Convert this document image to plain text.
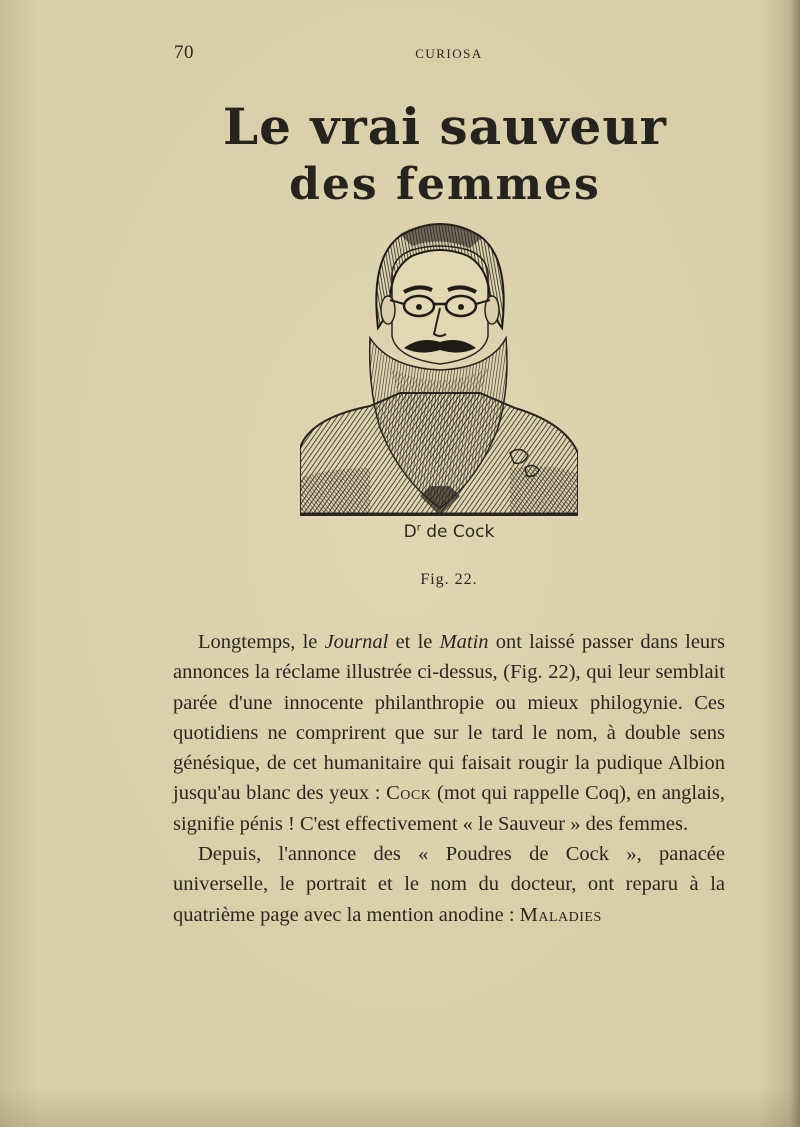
70	CURIOSA
Le vrai sauveur
des femmes
$D^r$ de Cock
Fig. 22.

Longtemps, le Journal et le Matin ont laissé passer dans leurs annonces la réclame illustrée ci-dessus, (Fig. 22), qui leur semblait parée d'une innocente philanthropie ou mieux philogynie. Ces quotidiens ne comprirent que sur le tard le nom, à double sens génésique, de cet humanitaire qui faisait rougir la pudique Albion jusqu'au blanc des yeux : Cock (mot qui rappelle Coq), en anglais, signifie pénis ! C'est effectivement « le Sauveur » des femmes.

Depuis, l'annonce des « Poudres de Cock », panacée universelle, le portrait et le nom du docteur, ont reparu à la quatrième page avec la mention anodine : Maladies
